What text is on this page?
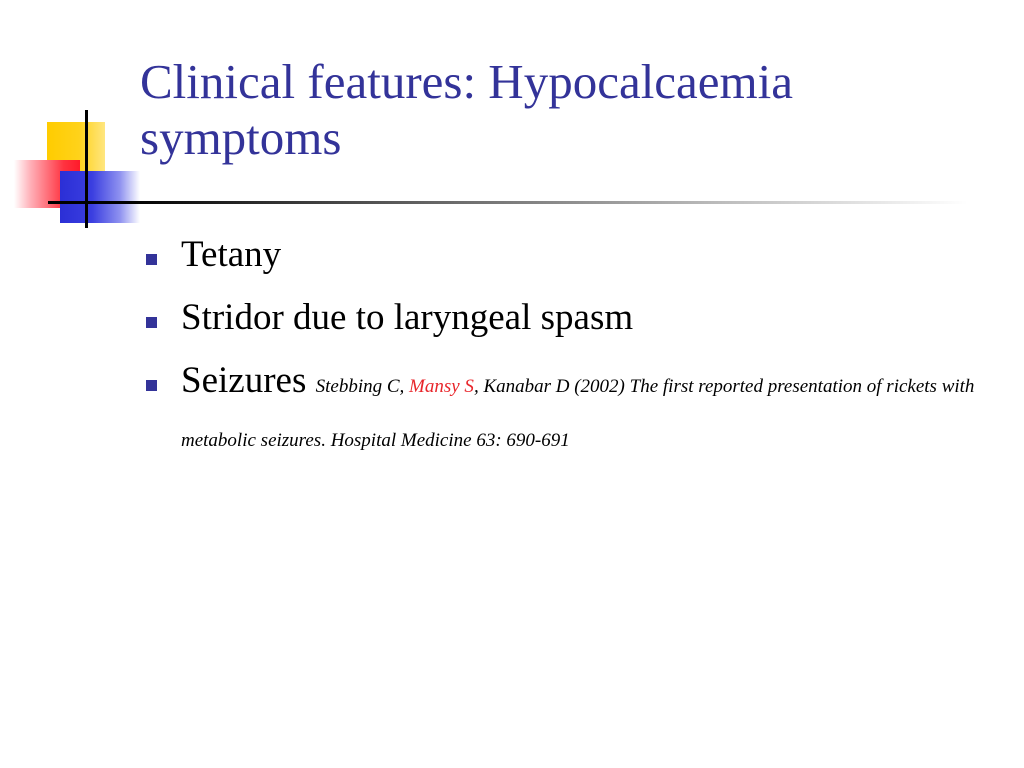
Clinical features: Hypocalcaemia symptoms
Tetany
Stridor due to laryngeal spasm
Seizures Stebbing C, Mansy S, Kanabar D (2002) The first reported presentation of rickets with metabolic seizures. Hospital Medicine 63: 690-691
